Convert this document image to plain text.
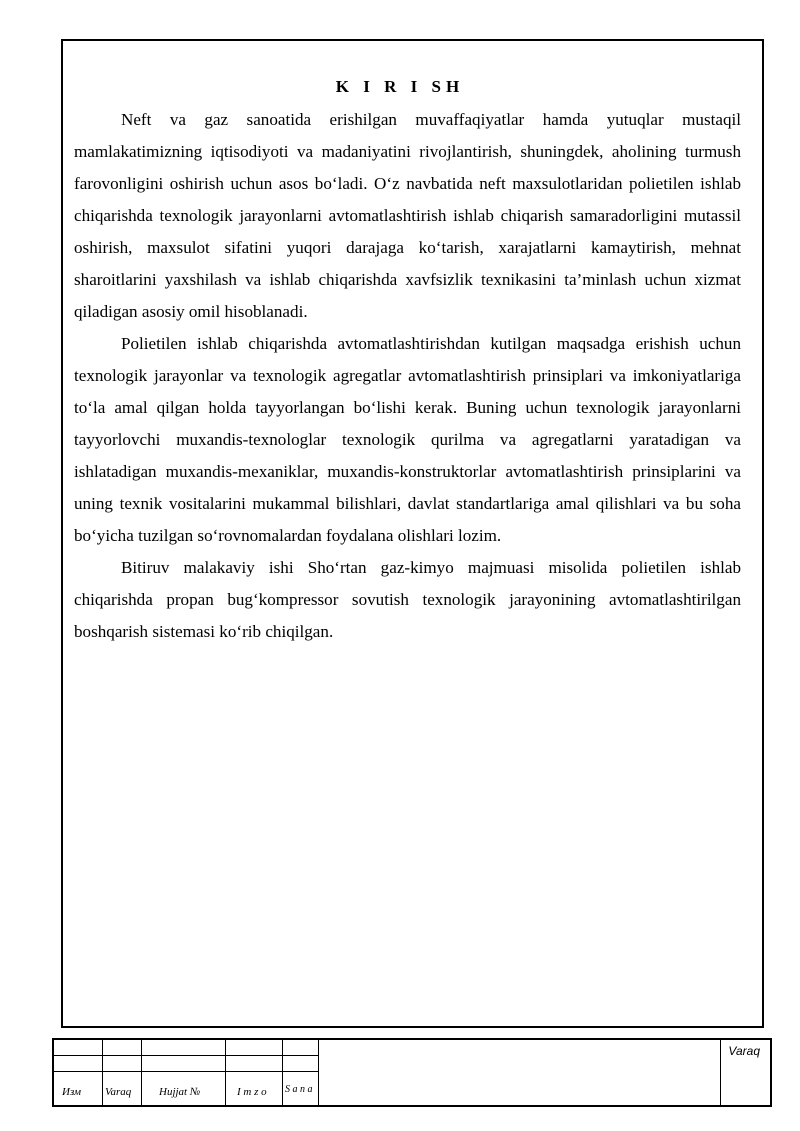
K I R I SH

Neft va gaz sanoatida erishilgan muvaffaqiyatlar hamda yutuqlar mustaqil mamlakatimizning iqtisodiyoti va madaniyatini rivojlantirish, shuningdek, aholining turmush farovonligini oshirish uchun asos bo‘ladi. O‘z navbatida neft maxsulotlaridan polietilen ishlab chiqarishda texnologik jarayonlarni avtomatlashtirish ishlab chiqarish samaradorligini mutassil oshirish, maxsulot sifatini yuqori darajaga ko‘tarish, xarajatlarni kamaytirish, mehnat sharoitlarini yaxshilash va ishlab chiqarishda xavfsizlik texnikasini ta’minlash uchun xizmat qiladigan asosiy omil hisoblanadi.

Polietilen ishlab chiqarishda avtomatlashtirishdan kutilgan maqsadga erishish uchun texnologik jarayonlar va texnologik agregatlar avtomatlashtirish prinsiplari va imkoniyatlariga to‘la amal qilgan holda tayyorlangan bo‘lishi kerak. Buning uchun texnologik jarayonlarni tayyorlovchi muxandis-texnologlar texnologik qurilma va agregatlarni yaratadigan va ishlatadigan muxandis-mexaniklar, muxandis-konstruktorlar avtomatlashtirish prinsiplarini va uning texnik vositalarini mukammal bilishlari, davlat standartlariga amal qilishlari va bu soha bo‘yicha tuzilgan so‘rovnomalardan foydalana olishlari lozim.

Bitiruv malakaviy ishi Sho‘rtan gaz-kimyo majmuasi misolida polietilen ishlab chiqarishda propan bug‘kompressor sovutish texnologik jarayonining avtomatlashtirilgan boshqarish sistemasi ko‘rib chiqilgan.

Изм Varaq	Hujjat №	I m z o S a n a
Varaq
